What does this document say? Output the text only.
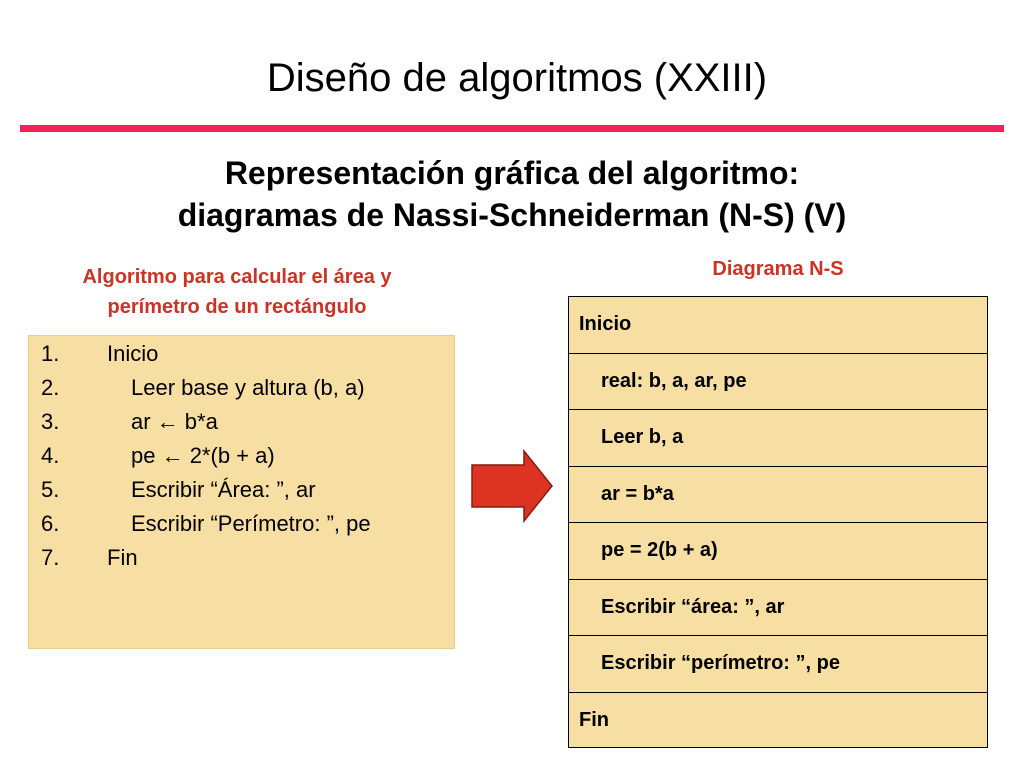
Diseño de algoritmos (XXIII)
Representación gráfica del algoritmo:
diagramas de Nassi-Schneiderman (N-S) (V)
Algoritmo para calcular el área y
perímetro de un rectángulo
Diagrama N-S
1. Inicio
2.	Leer base y altura (b, a)
3.	ar ← b*a
4.	pe ← 2*(b + a)
5.	Escribir “Área: ”, ar
6.	Escribir “Perímetro: ”, pe
7. Fin
Inicio
real: b, a, ar, pe
Leer b, a
ar = b*a
pe = 2(b + a)
Escribir “área: ”, ar
Escribir “perímetro: ”, pe
Fin
